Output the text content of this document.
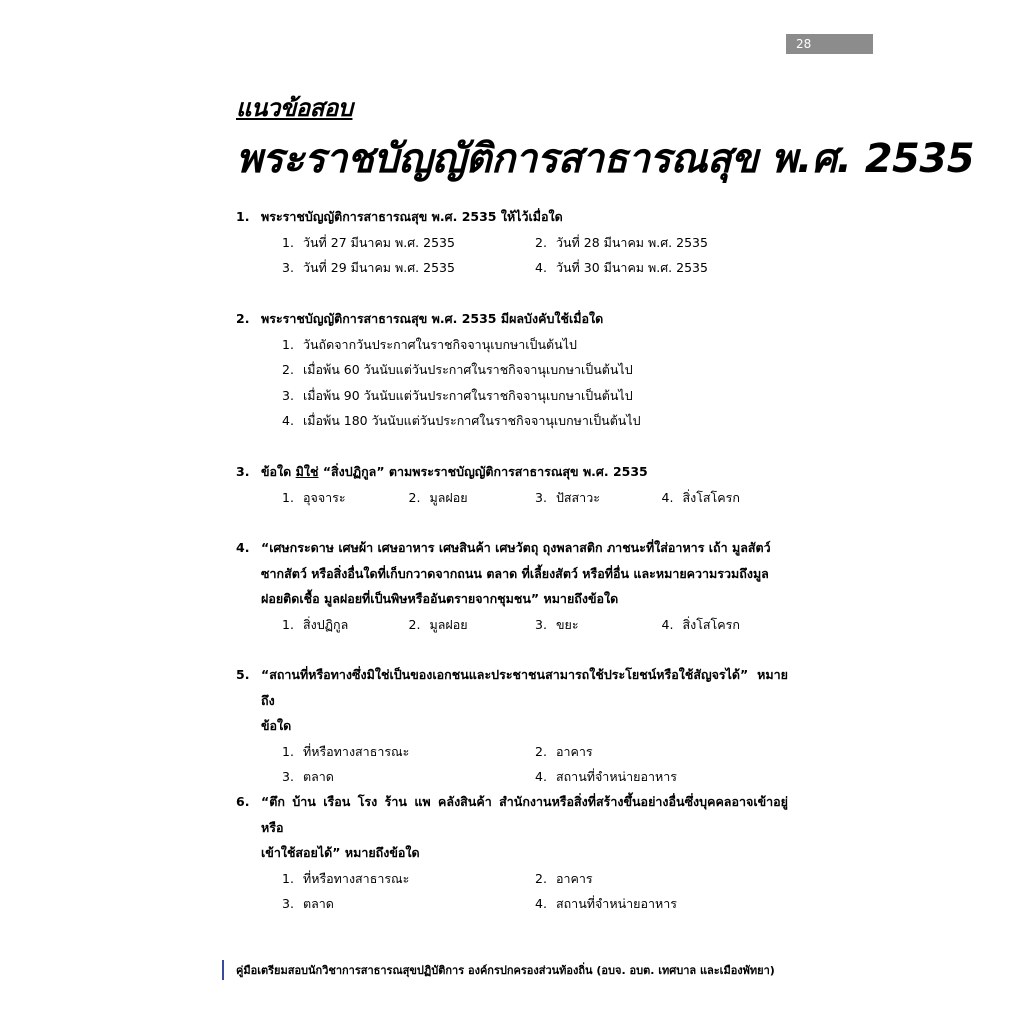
28
แนวข้อสอบ
พระราชบัญญัติการสาธารณสุข พ.ศ. 2535
1. พระราชบัญญัติการสาธารณสุข พ.ศ. 2535 ให้ไว้เมื่อใด
1. วันที่ 27 มีนาคม พ.ศ. 2535	2. วันที่ 28 มีนาคม พ.ศ. 2535
3. วันที่ 29 มีนาคม พ.ศ. 2535	4. วันที่ 30 มีนาคม พ.ศ. 2535
2. พระราชบัญญัติการสาธารณสุข พ.ศ. 2535 มีผลบังคับใช้เมื่อใด
1. วันถัดจากวันประกาศในราชกิจจานุเบกษาเป็นต้นไป
2. เมื่อพ้น 60 วันนับแต่วันประกาศในราชกิจจานุเบกษาเป็นต้นไป
3. เมื่อพ้น 90 วันนับแต่วันประกาศในราชกิจจานุเบกษาเป็นต้นไป
4. เมื่อพ้น 180 วันนับแต่วันประกาศในราชกิจจานุเบกษาเป็นต้นไป
3. ข้อใด มิใช่ “สิ่งปฏิกูล” ตามพระราชบัญญัติการสาธารณสุข พ.ศ. 2535
1. อุจจาระ	2. มูลฝอย	3. ปัสสาวะ	4. สิ่งโสโครก
4. “เศษกระดาษ เศษผ้า เศษอาหาร เศษสินค้า เศษวัตถุ ถุงพลาสติก ภาชนะที่ใส่อาหาร เถ้า มูลสัตว์
ซากสัตว์ หรือสิ่งอื่นใดที่เก็บกวาดจากถนน ตลาด ที่เลี้ยงสัตว์ หรือที่อื่น และหมายความรวมถึงมูล
ฝอยติดเชื้อ มูลฝอยที่เป็นพิษหรืออันตรายจากชุมชน” หมายถึงข้อใด
1. สิ่งปฏิกูล	2. มูลฝอย	3. ขยะ	4. สิ่งโสโครก
5. “สถานที่หรือทางซึ่งมิใช่เป็นของเอกชนและประชาชนสามารถใช้ประโยชน์หรือใช้สัญจรได้” หมายถึง
ข้อใด
1. ที่หรือทางสาธารณะ	2. อาคาร
3. ตลาด	4. สถานที่จำหน่ายอาหาร
6. “ตึก บ้าน เรือน โรง ร้าน แพ คลังสินค้า สำนักงานหรือสิ่งที่สร้างขึ้นอย่างอื่นซึ่งบุคคลอาจเข้าอยู่หรือ
เข้าใช้สอยได้” หมายถึงข้อใด
1. ที่หรือทางสาธารณะ	2. อาคาร
3. ตลาด	4. สถานที่จำหน่ายอาหาร
คู่มือเตรียมสอบนักวิชาการสาธารณสุขปฏิบัติการ องค์กรปกครองส่วนท้องถิ่น (อบจ. อบต. เทศบาล และเมืองพัทยา)
